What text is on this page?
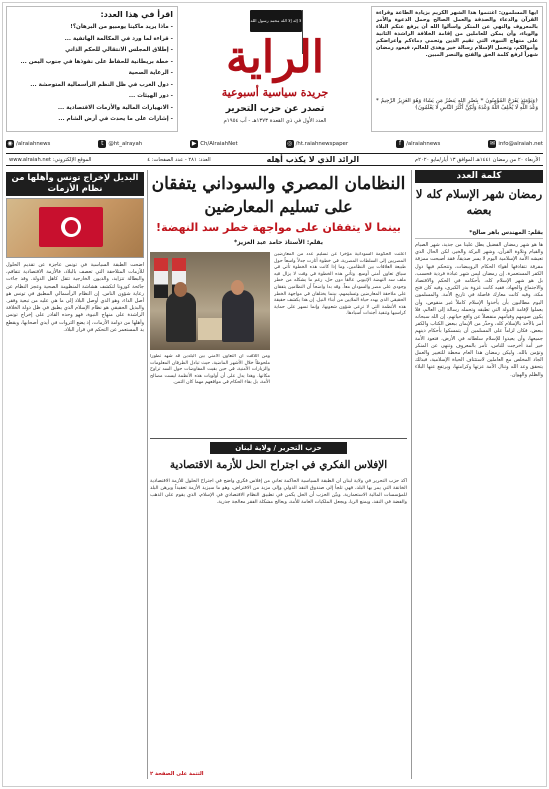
أيها المسلمون: اغتنموا هذا الشهر الكريم بزيادة الطاعة وقراءة القرآن والدعاء والصدقة والعمل الصالح وحمل الدعوة والأمر بالمعروف والنهي عن المنكر واسألوا الله أن يرفع عنكم البلاء والوباء، وأن يمكن للعاملين من إقامة الخلافة الراشدة الثانية على منهاج النبوة، التي تقيم الدين وتحمي دماءكم وأعراضكم وأموالكم، وتحمل الإسلام رسالة خير وهدى للعالم، فيعود رمضان شهراً لرفع كلمة الحق والفتح والنصر المبين.
﴿وَيَوْمَئِذٍ يَفْرَحُ الْمُؤْمِنُونَ * بِنَصْرِ اللَّهِ يَنصُرُ مَن يَشَاءُ وَهُوَ الْعَزِيزُ الرَّحِيمُ * وَعْدَ اللَّهِ لَا يُخْلِفُ اللَّهُ وَعْدَهُ وَلَٰكِنَّ أَكْثَرَ النَّاسِ لَا يَعْلَمُونَ﴾
لا إله إلا الله محمد رسول الله
الراية
جريدة سياسية أسبوعية
تصدر عن حزب التحرير
العدد الأول في ذي القعدة ١٣٧٣هـ - آب ١٩٥٤م
اقرأ في هذا العدد:
- ماذا يريد ماكينا يومبيو من البرهان؟!
- قراءة لما ورد في المكالمة الهاتفية ...
- إطلاق المجلس الانتقالي للحكم الذاتي
- خطة بريطانية للحفاظ على نفوذها في جنوب اليمن ...
- الرعاية الصحية
- دول الغرب في ظل النظم الرأسمالية المتوحشة ...
- دور الهيئات ...
- الانهيارات المالية والأزمات الاقتصادية ...
- إشارات على ما يحدث في أرض الشام ...
◉ /alraiahnews	t @ht_alrayah	▶ Ch/AlraiahNet	◎ /ht.raiahnewspaper	f /alraiahnews	✉ info@alraiah.net
الأربعاء ٢٠ من رمضان ١٤٤١هـ الموافق ١٣ أيار/مايو ٢٠٢٠م
الرائد الذي لا يكذب أهله
العدد: ٢٨١ - عدد الصفحات: ٤
www.alraiah.net :الموقع الإلكتروني
كلمة العدد
رمضان شهر الإسلام كله لا بعضه
بقلم: المهندس باهر صالح*
ها هو شهر رمضان الفضيل يطل علينا من جديد، شهر الصيام والقيام وتلاوة القرآن، وشهر البركة والخير، لكن الحال الذي تعيشه الأمة الإسلامية اليوم لا يسر صديقاً، فقد أصبحت ممزقة مفرقة تتقاذفها أهواء الحكام الرويبضات، وتتحكم فيها دول الكفر المستعمرة. إن رمضان ليس شهر عبادة فردية فحسب، بل هو شهر الإسلام كله، بأحكامه في الحكم والاقتصاد والاجتماع والجهاد، ففيه كانت غزوة بدر الكبرى، وفيه كان فتح مكة، وفيه كانت معارك فاصلة في تاريخ الأمة. والمسلمون اليوم مطالبون بأن يأخذوا الإسلام كاملاً غير منقوص، وأن يعملوا لإقامة الدولة التي تطبقه وتحمله رسالة إلى العالم، فلا يكون صومهم وقيامهم منفصلاً عن واقع حياتهم. إن الله سبحانه أمر بالأخذ بالإسلام كله، وحذّر من الإيمان ببعض الكتاب والكفر ببعض، فكان لزاماً على المسلمين أن يتمسكوا بأحكام دينهم جميعها، وأن يعيدوا للإسلام سلطانه في الأرض، فتعود الأمة خير أمة أخرجت للناس، تأمر بالمعروف وتنهى عن المنكر وتؤمن بالله. وليكن رمضان هذا العام محطة للتغيير والعمل الجاد المخلص مع العاملين لاستئناف الحياة الإسلامية، فبذلك يتحقق وعد الله وتنال الأمة عزتها وكرامتها، ويرتفع عنها البلاء والظلم والهوان.
النظامان المصري والسوداني يتفقان
على تسليم المعارضين
بينما لا يتفقان على مواجهة خطر سد النهضة!
بقلم: الأستاذ حامد عبد العزيز*
أعلنت الحكومة السودانية مؤخراً عن تسليم عدد من المعارضين المصريين إلى السلطات المصرية، في خطوة أثارت جدلاً واسعاً حول طبيعة العلاقات بين النظامين، وما إذا كانت هذه الخطوة تأتي في سياق تعاون أمني أوسع. وتأتي هذه الخطوة في وقت لا يزال فيه ملف سد النهضة الإثيوبي عالقاً دون حل، رغم ما يشكله من خطر وجودي على مصر والسودان معاً. وقد بدا واضحاً أن النظامين يتفقان على ملاحقة المعارضين وتسليمهم، بينما يختلفان في مواجهة الخطر الحقيقي الذي يهدد حياة الملايين من أبناء النيل. إن هذا يكشف حقيقة هذه الأنظمة التي لا ترعى شؤون شعوبها، وإنما تسهر على حماية كراسيها وتنفيذ أجندات أسيادها.
ومن اللافت أن التعاون الأمني بين البلدين قد شهد تطوراً ملحوظاً خلال الأشهر الماضية، حيث تبادل الطرفان المعلومات والزيارات الأمنية، في حين بقيت المفاوضات حول السد تراوح مكانها. وهذا يدل على أن أولويات هذه الأنظمة ليست مصالح الأمة، بل بقاء الحكام في مواقعهم مهما كان الثمن.
البديل لإخراج تونس وأهلها من نظام الأزمات
أضحت الطبقة السياسية في تونس عاجزة عن تقديم الحلول للأزمات المتلاحقة التي تعصف بالبلاد، فالأزمة الاقتصادية تتفاقم، والبطالة تتزايد، والديون الخارجية تثقل كاهل الدولة. وقد جاءت جائحة كورونا لتكشف هشاشة المنظومة الصحية وعجز النظام عن رعاية شؤون الناس. إن النظام الرأسمالي المطبق في تونس هو أصل الداء، وهو الذي أوصل البلاد إلى ما هي عليه من تبعية وفقر. والبديل الحقيقي هو نظام الإسلام الذي يطبق في ظل دولة الخلافة الراشدة على منهاج النبوة، فهو وحده القادر على إخراج تونس وأهلها من دوامة الأزمات، إذ يضع الثروات في أيدي أصحابها، ويقطع يد المستعمر عن التحكم في قرار البلاد.
حزب التحرير / ولاية لبنان
الإفلاس الفكري في اجتراح الحل للأزمة الاقتصادية
أكد حزب التحرير في ولاية لبنان أن الطبقة السياسية الحاكمة تعاني من إفلاس فكري واضح في اجتراح الحلول للأزمة الاقتصادية الخانقة التي يمر بها البلد، فهي تلجأ إلى صندوق النقد الدولي وإلى مزيد من الاقتراض، وهو ما سيزيد الأزمة تعقيداً ويرهن البلد للمؤسسات المالية الاستعمارية. وبيّن الحزب أن الحل يكمن في تطبيق النظام الاقتصادي في الإسلام، الذي يقوم على الذهب والفضة في النقد، ويمنع الربا، ويجعل الملكيات العامة للأمة، ويعالج مشكلة الفقر معالجة جذرية.
التتمة على الصفحة ٢
